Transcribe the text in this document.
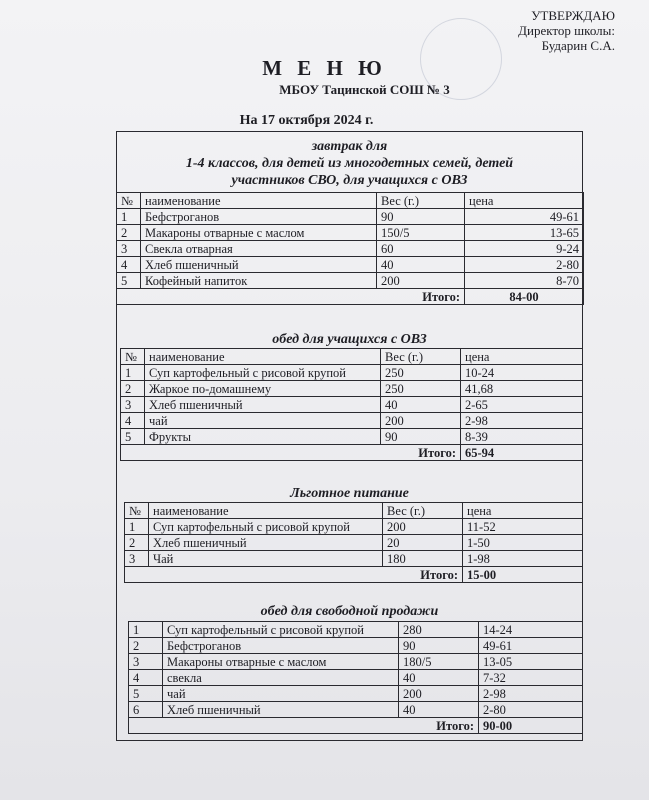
УТВЕРЖДАЮ
Директор школы:
Бударин С.А.
М Е Н Ю
МБОУ Тацинской СОШ № 3
На 17 октября 2024 г.
завтрак для
1-4 классов, для детей из многодетных семей, детей
участников СВО, для учащихся с ОВЗ
№	наименование	Вес (г.)	цена
1	Бефстроганов	90	49-61
2	Макароны отварные с маслом	150/5	13-65
3	Свекла отварная	60	9-24
4	Хлеб пшеничный	40	2-80
5	Кофейный напиток	200	8-70
Итого:			84-00
обед для учащихся с ОВЗ
№	наименование	Вес (г.)	цена
1	Суп картофельный с рисовой крупой	250	10-24
2	Жаркое по-домашнему	250	41,68
3	Хлеб пшеничный	40	2-65
4	чай	200	2-98
5	Фрукты	90	8-39
Итого:			65-94
Льготное питание
№	наименование	Вес (г.)	цена
1	Суп картофельный с рисовой крупой	200	11-52
2	Хлеб пшеничный	20	1-50
3	Чай	180	1-98
Итого:			15-00
обед для свободной продажи
1	Суп картофельный с рисовой крупой	280	14-24
2	Бефстроганов	90	49-61
3	Макароны отварные с маслом	180/5	13-05
4	свекла	40	7-32
5	чай	200	2-98
6	Хлеб пшеничный	40	2-80
Итого:			90-00
